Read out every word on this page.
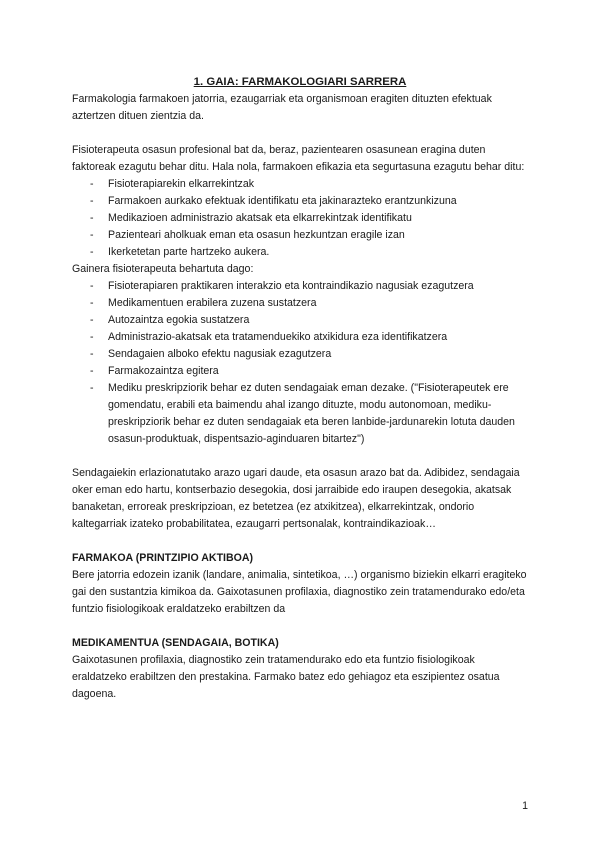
1. GAIA: FARMAKOLOGIARI SARRERA

Farmakologia farmakoen jatorria, ezaugarriak eta organismoan eragiten dituzten efektuak aztertzen dituen zientzia da.

Fisioterapeuta osasun profesional bat da, beraz, pazientearen osasunean eragina duten faktoreak ezagutu behar ditu. Hala nola, farmakoen efikazia eta segurtasuna ezagutu behar ditu:

- Fisioterapiarekin elkarrekintzak
- Farmakoen aurkako efektuak identifikatu eta jakinarazteko erantzunkizuna
- Medikazioen administrazio akatsak eta elkarrekintzak identifikatu
- Pazienteari aholkuak eman eta osasun hezkuntzan eragile izan
- Ikerketetan parte hartzeko aukera.

Gainera fisioterapeuta behartuta dago:

- Fisioterapiaren praktikaren interakzio eta kontraindikazio nagusiak ezagutzera
- Medikamentuen erabilera zuzena sustatzera
- Autozaintza egokia sustatzera
- Administrazio-akatsak eta tratamenduekiko atxikidura eza identifikatzera
- Sendagaien alboko efektu nagusiak ezagutzera
- Farmakozaintza egitera
- Mediku preskripziorik behar ez duten sendagaiak eman dezake. ("Fisioterapeutek ere gomendatu, erabili eta baimendu ahal izango dituzte, modu autonomoan, mediku-preskripziorik behar ez duten sendagaiak eta beren lanbide-jardunarekin lotuta dauden osasun-produktuak, dispentsazio-aginduaren bitartez")

Sendagaiekin erlazionatutako arazo ugari daude, eta osasun arazo bat da. Adibidez, sendagaia oker eman edo hartu, kontserbazio desegokia, dosi jarraibide edo iraupen desegokia, akatsak banaketan, erroreak preskripzioan, ez betetzea (ez atxikitzea), elkarrekintzak, ondorio kaltegarriak izateko probabilitatea, ezaugarri pertsonalak, kontraindikazioak…

FARMAKOA (PRINTZIPIO AKTIBOA)

Bere jatorria edozein izanik (landare, animalia, sintetikoa, …) organismo biziekin elkarri eragiteko gai den sustantzia kimikoa da. Gaixotasunen profilaxia, diagnostiko zein tratamendurako edo/eta funtzio fisiologikoak eraldatzeko erabiltzen da

MEDIKAMENTUA (SENDAGAIA, BOTIKA)

Gaixotasunen profilaxia, diagnostiko zein tratamendurako edo eta funtzio fisiologikoak eraldatzeko erabiltzen den prestakina. Farmako batez edo gehiagoz eta eszipientez osatua dagoena.

1
